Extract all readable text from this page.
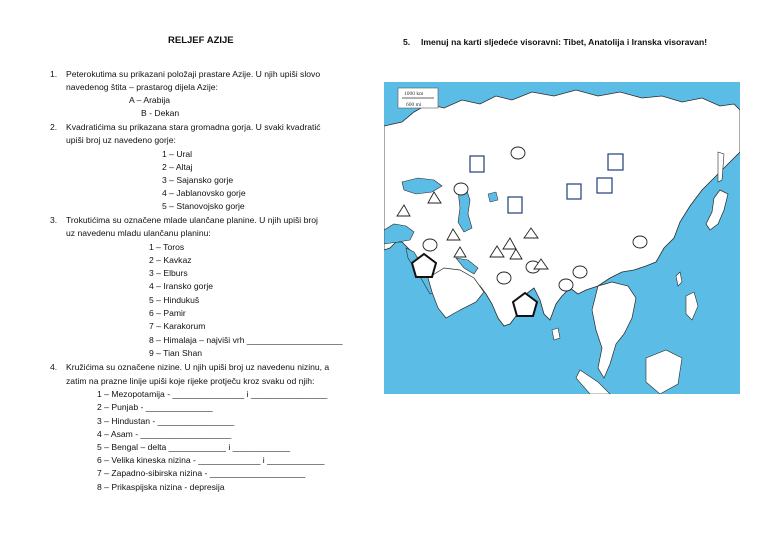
RELJEF AZIJE
1. Peterokutima su prikazani položaji prastare Azije. U njih upiši slovo
navedenog štita – prastarog dijela Azije:
A – Arabija
B - Dekan
2. Kvadratićima su prikazana stara gromadna gorja. U svaki kvadratić
upiši broj uz navedeno gorje:
1 – Ural
2 – Altaj
3 – Sajansko gorje
4 – Jablanovsko gorje
5 – Stanovojsko gorje
3. Trokutićima su označene mlade ulančane planine. U njih upiši broj
uz navedenu mladu ulančanu planinu:
1 – Toros
2 – Kavkaz
3 – Elburs
4 – Iransko gorje
5 – Hindukuš
6 – Pamir
7 – Karakorum
8 – Himalaja – najviši vrh ____________________
9 – Tian Shan
4. Kružićima su označene nizine. U njih upiši broj uz navedenu nizinu, a
zatim na prazne linije upiši koje rijeke protječu kroz svaku od njih:
1 – Mezopotamija - _______________ i ________________
2 – Punjab - ______________
3 – Hindustan - ________________
4 – Asam - ___________________
5 – Bengal – delta ____________ i ____________
6 – Velika kineska nizina - _____________ i ____________
7 – Zapadno-sibirska nizina - ____________________
8 – Prikaspijska nizina - depresija
5. Imenuj na karti sljedeće visoravni: Tibet, Anatolija i Iranska visoravan!
1000 km
600 mi
